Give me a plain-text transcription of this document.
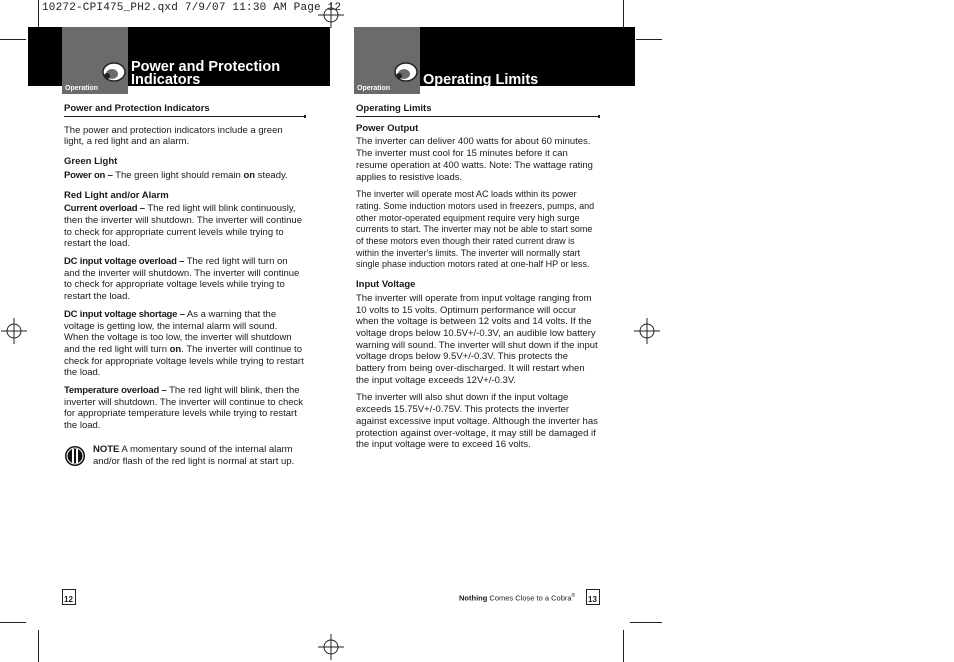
10272-CPI475_PH2.qxd 7/9/07 11:30 AM Page 12
Operation
Power and Protection Indicators
Operation
Operating Limits
Power and Protection Indicators

The power and protection indicators include a green light, a red light and an alarm.

Green Light

Power on – The green light should remain on steady.

Red Light and/or Alarm

Current overload – The red light will blink continuously, then the inverter will shutdown. The inverter will continue to check for appropriate current levels while trying to restart the load.

DC input voltage overload – The red light will turn on and the inverter will shutdown. The inverter will continue to check for appropriate voltage levels while trying to restart the load.

DC input voltage shortage – As a warning that the voltage is getting low, the internal alarm will sound. When the voltage is too low, the inverter will shutdown and the red light will turn on. The inverter will continue to check for appropriate voltage levels while trying to restart the load.

Temperature overload – The red light will blink, then the inverter will shutdown. The inverter will continue to check for appropriate temperature levels while trying to restart the load.

NOTE A momentary sound of the internal alarm and/or flash of the red light is normal at start up.
Operating Limits
Power Output

The inverter can deliver 400 watts for about 60 minutes. The inverter must cool for 15 minutes before it can resume operation at 400 watts. Note: The wattage rating applies to resistive loads.

The inverter will operate most AC loads within its power rating. Some induction motors used in freezers, pumps, and other motor-operated equipment require very high surge currents to start. The inverter may not be able to start some of these motors even though their rated current draw is within the inverter's limits. The inverter will normally start single phase induction motors rated at one-half HP or less.

Input Voltage

The inverter will operate from input voltage ranging from 10 volts to 15 volts. Optimum performance will occur when the voltage is between 12 volts and 14 volts. If the voltage drops below 10.5V+/-0.3V, an audible low battery warning will sound. The inverter will shut down if the input voltage drops below 9.5V+/-0.3V. This protects the battery from being over-discharged. It will restart when the input voltage exceeds 12V+/-0.3V.

The inverter will also shut down if the input voltage exceeds 15.75V+/-0.75V. This protects the inverter against excessive input voltage. Although the inverter has protection against over-voltage, it may still be damaged if the input voltage were to exceed 16 volts.

12	Nothing Comes Close to a Cobra® 13
